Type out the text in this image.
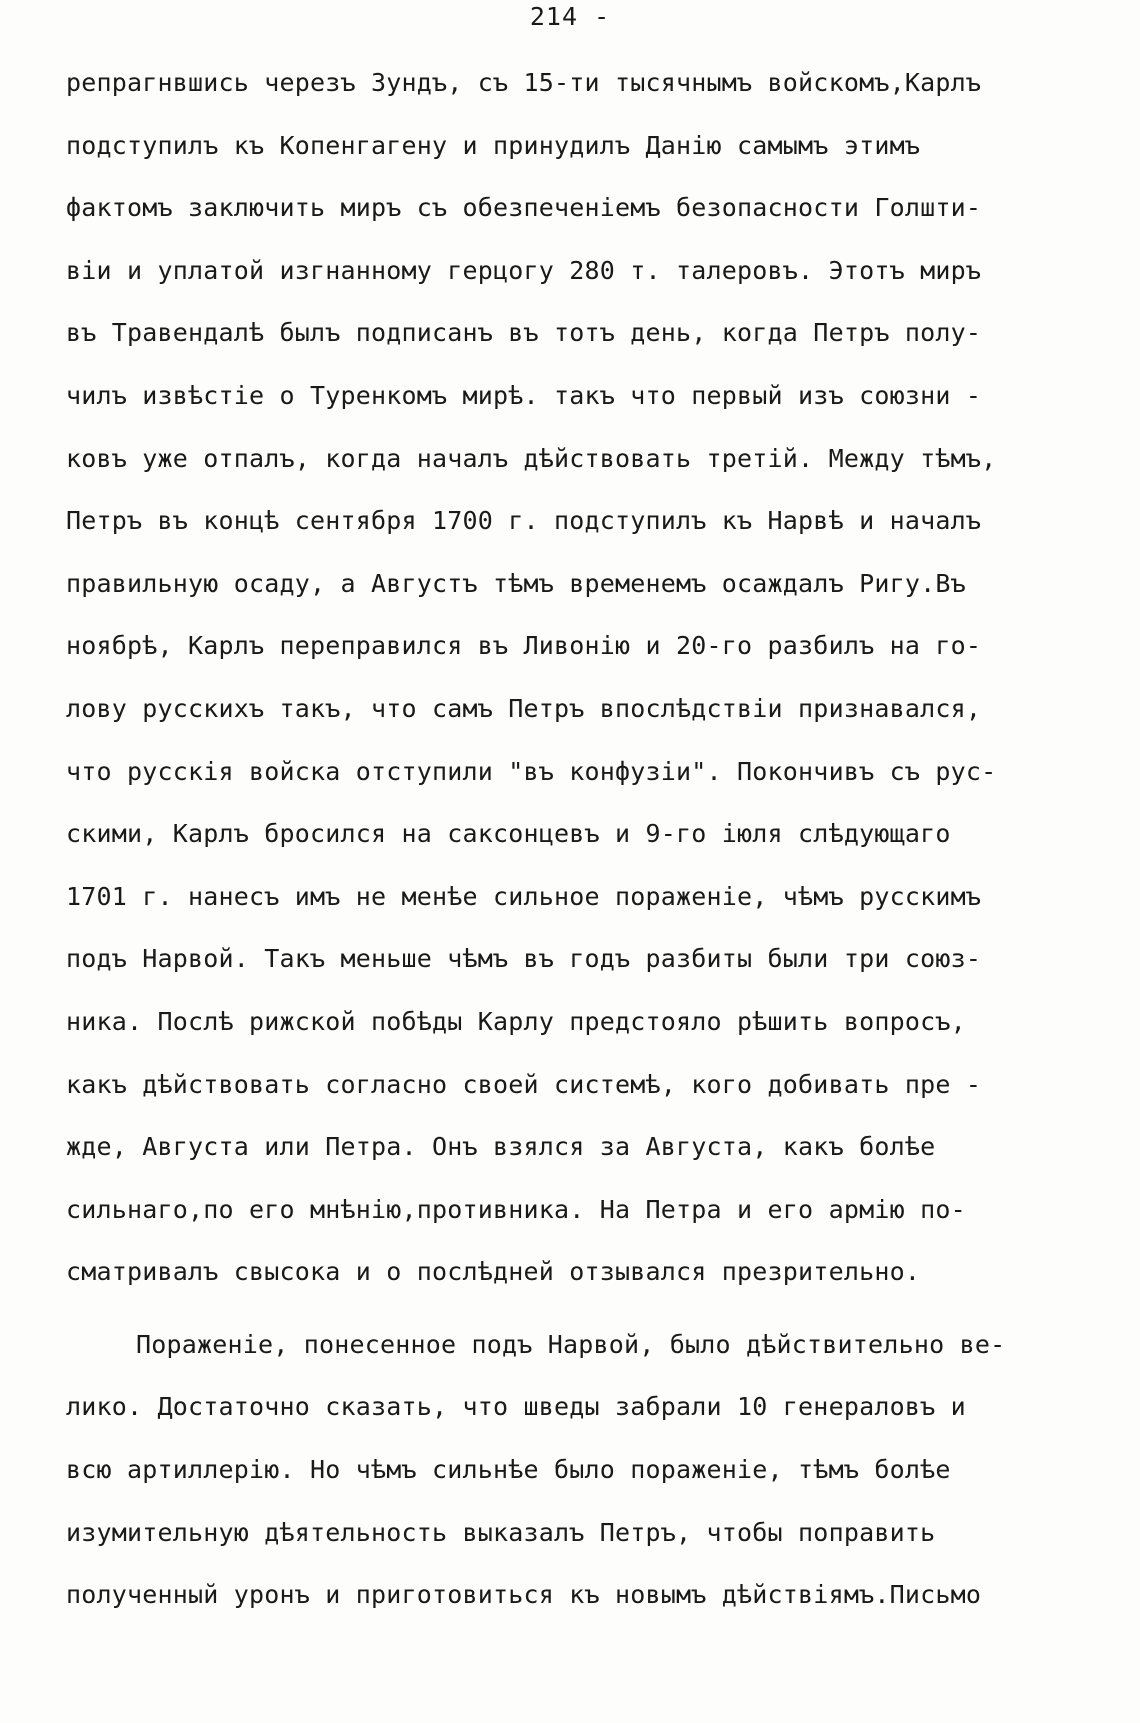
214 -
репрагнвшись черезъ Зундъ, съ 15-ти тысячнымъ войскомъ,Карлъ
подступилъ къ Копенгагену и принудилъ Данію самымъ этимъ
фактомъ заключить миръ съ обезпеченіемъ безопасности Голшти-
віи и уплатой изгнанному герцогу 280 т. талеровъ. Этотъ миръ
въ Травендалѣ былъ подписанъ въ тотъ день, когда Петръ полу-
чилъ извѣстіе о Туренкомъ мирѣ. такъ что первый изъ союзни -
ковъ уже отпалъ, когда началъ дѣйствовать третій. Между тѣмъ,
Петръ въ концѣ сентября 1700 г. подступилъ къ Нарвѣ и началъ
правильную осаду, а Августъ тѣмъ временемъ осаждалъ Ригу.Въ
ноябрѣ, Карлъ переправился въ Ливонію и 20-го разбилъ на го-
лову русскихъ такъ, что самъ Петръ впослѣдствіи признавался,
что русскія войска отступили "въ конфузіи". Покончивъ съ рус-
скими, Карлъ бросился на саксонцевъ и 9-го іюля слѣдующаго
1701 г. нанесъ имъ не менѣе сильное пораженіе, чѣмъ русскимъ
подъ Нарвой. Такъ меньше чѣмъ въ годъ разбиты были три союз-
ника. Послѣ рижской побѣды Карлу предстояло рѣшить вопросъ,
какъ дѣйствовать согласно своей системѣ, кого добивать пре -
жде, Августа или Петра. Онъ взялся за Августа, какъ болѣе
сильнаго,по его мнѣнію,противника. На Петра и его армію по-
сматривалъ свысока и о послѣдней отзывался презрительно.
Пораженіе, понесенное подъ Нарвой, было дѣйствительно ве-
лико. Достаточно сказать, что шведы забрали 10 генераловъ и
всю артиллерію. Но чѣмъ сильнѣе было пораженіе, тѣмъ болѣе
изумительную дѣятельность выказалъ Петръ, чтобы поправить
полученный уронъ и приготовиться къ новымъ дѣйствіямъ.Письмо
